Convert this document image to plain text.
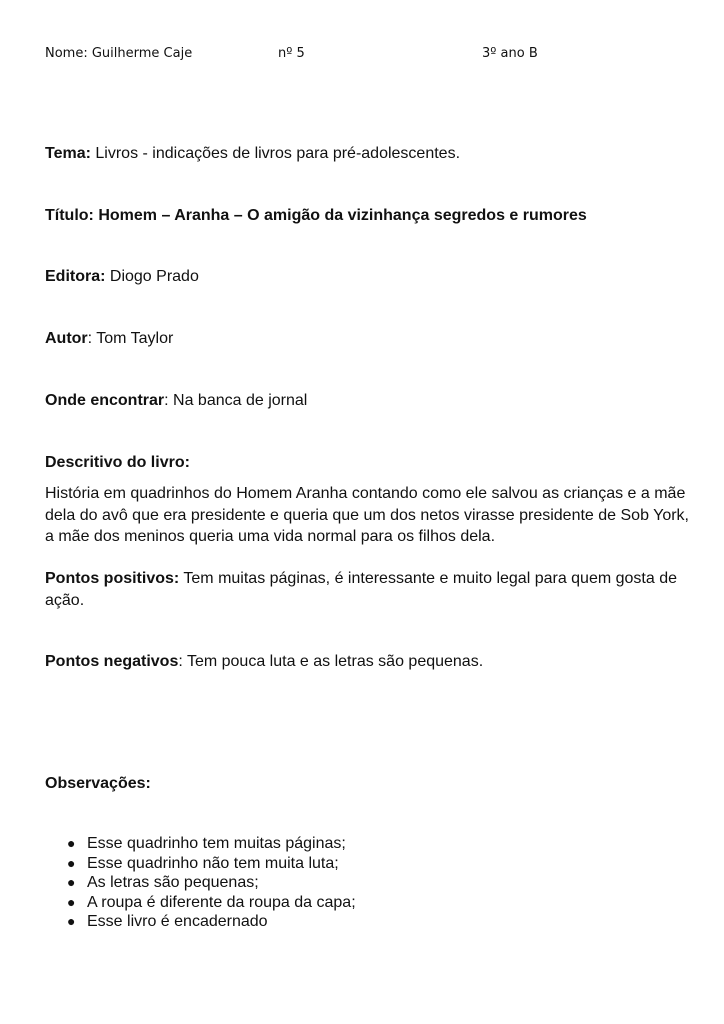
Nome: Guilherme Caje	nº 5	3º ano B
Tema: Livros - indicações de livros para pré-adolescentes.
Título: Homem – Aranha – O amigão da vizinhança segredos e rumores
Editora: Diogo Prado
Autor: Tom Taylor
Onde encontrar: Na banca de jornal
Descritivo do livro:
História em quadrinhos do Homem Aranha contando como ele salvou as crianças e a mãe dela do avô que era presidente e queria que um dos netos virasse presidente de Sob York, a mãe dos meninos queria uma vida normal para os filhos dela.
Pontos positivos: Tem muitas páginas, é interessante e muito legal para quem gosta de ação.
Pontos negativos: Tem pouca luta e as letras são pequenas.
Observações:
● Esse quadrinho tem muitas páginas;
● Esse quadrinho não tem muita luta;
● As letras são pequenas;
● A roupa é diferente da roupa da capa;
● Esse livro é encadernado
